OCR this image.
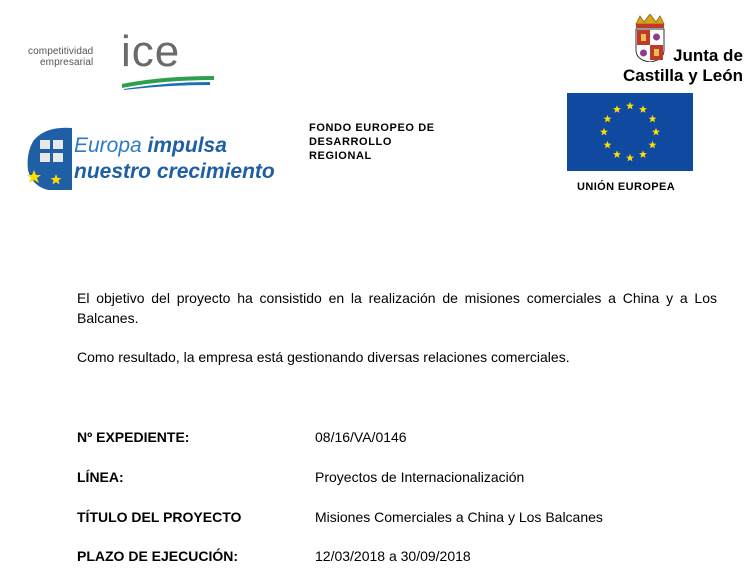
competitividad
empresarial ice	Junta de
Castilla y León
Europa impulsa
nuestro crecimiento
FONDO EUROPEO DE
DESARROLLO
REGIONAL
UNIÓN EUROPEA
El objetivo del proyecto ha consistido en la realización de misiones comerciales a China y a Los Balcanes.
Como resultado, la empresa está gestionando diversas relaciones comerciales.
Nº EXPEDIENTE:	08/16/VA/0146
LÍNEA:	Proyectos de Internacionalización
TÍTULO DEL PROYECTO	Misiones Comerciales a China y Los Balcanes
PLAZO DE EJECUCIÓN:	12/03/2018 a 30/09/2018
